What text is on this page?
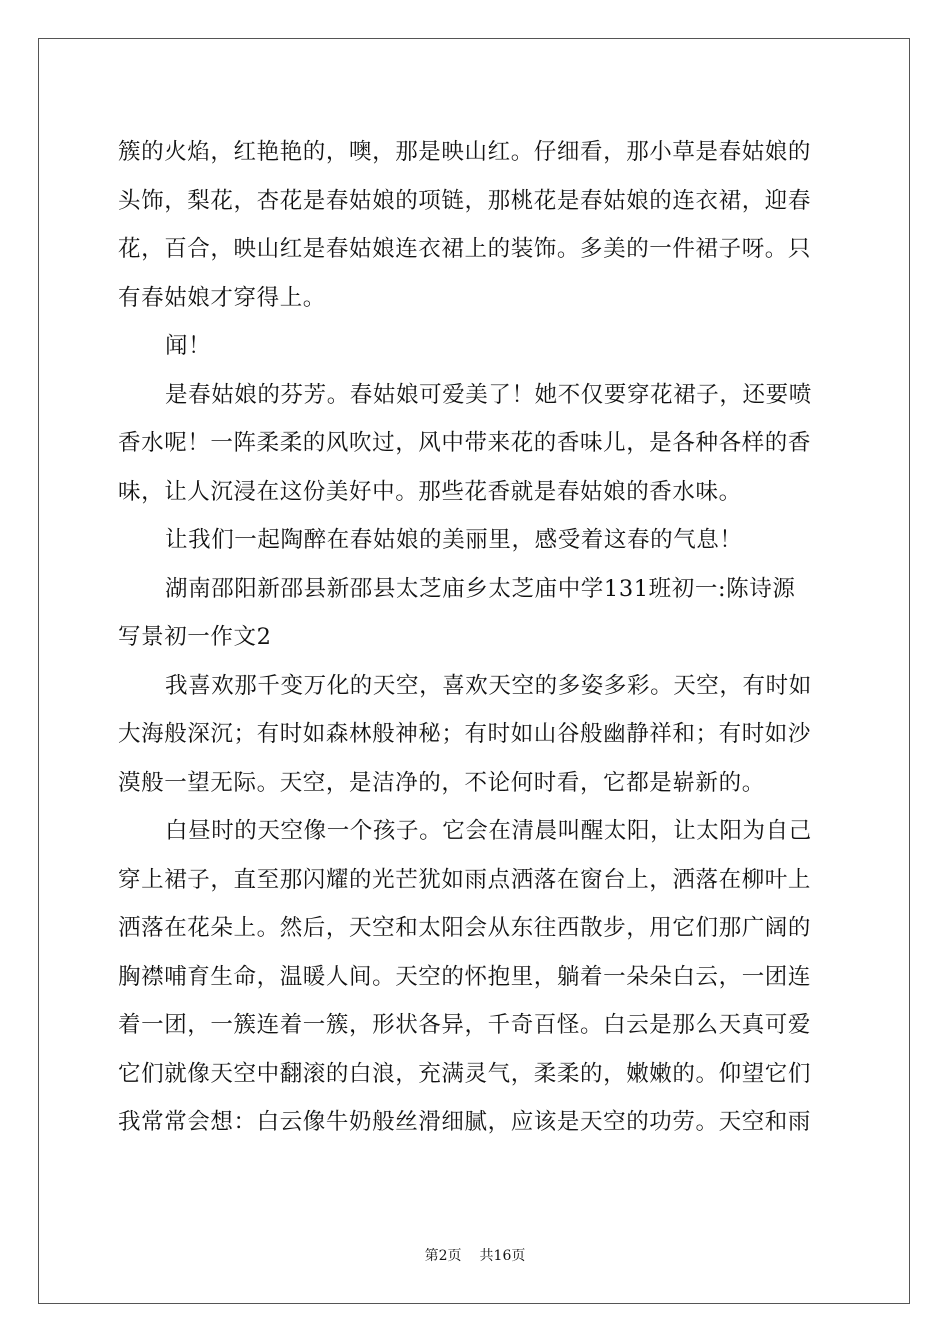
簇的火焰，红艳艳的，噢，那是映山红。仔细看，那小草是春姑娘的
头饰，梨花，杏花是春姑娘的项链，那桃花是春姑娘的连衣裙，迎春
花，百合，映山红是春姑娘连衣裙上的装饰。多美的一件裙子呀。只
有春姑娘才穿得上。
闻！
是春姑娘的芬芳。春姑娘可爱美了！她不仅要穿花裙子，还要喷
香水呢！一阵柔柔的风吹过，风中带来花的香味儿，是各种各样的香
味，让人沉浸在这份美好中。那些花香就是春姑娘的香水味。
让我们一起陶醉在春姑娘的美丽里，感受着这春的气息！
湖南邵阳新邵县新邵县太芝庙乡太芝庙中学131班初一:陈诗源
写景初一作文2
我喜欢那千变万化的天空，喜欢天空的多姿多彩。天空，有时如
大海般深沉；有时如森林般神秘；有时如山谷般幽静祥和；有时如沙
漠般一望无际。天空，是洁净的，不论何时看，它都是崭新的。
白昼时的天空像一个孩子。它会在清晨叫醒太阳，让太阳为自己
穿上裙子，直至那闪耀的光芒犹如雨点洒落在窗台上，洒落在柳叶上
洒落在花朵上。然后，天空和太阳会从东往西散步，用它们那广阔的
胸襟哺育生命，温暖人间。天空的怀抱里，躺着一朵朵白云，一团连
着一团，一簇连着一簇，形状各异，千奇百怪。白云是那么天真可爱
它们就像天空中翻滚的白浪，充满灵气，柔柔的，嫩嫩的。仰望它们
我常常会想：白云像牛奶般丝滑细腻，应该是天空的功劳。天空和雨
第2页 共16页
